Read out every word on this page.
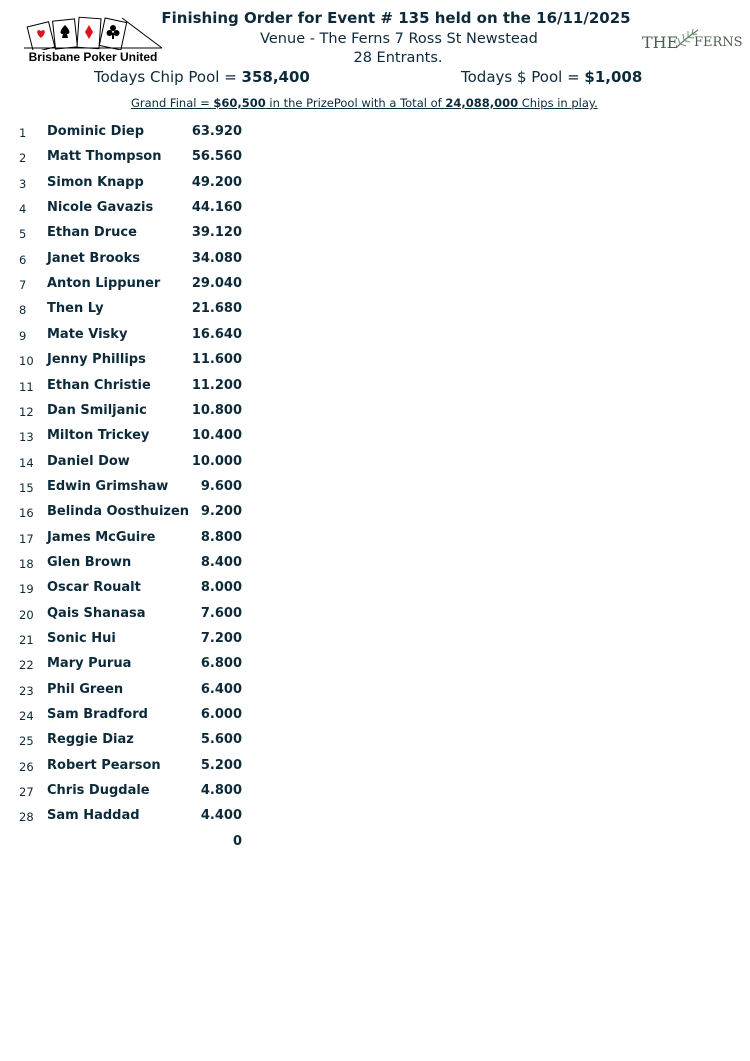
Brisbane Poker United
THE FERNS
Finishing Order for Event # 135 held on the 16/11/2025
Venue - The Ferns 7 Ross St Newstead
28 Entrants.
Todays Chip Pool = 358,400	Todays $ Pool = $1,008
Grand Final = $60,500 in the PrizePool with a Total of 24,088,000 Chips in play.
1 Dominic Diep	63.920
2 Matt Thompson 56.560
3 Simon Knapp	49.200
4 Nicole Gavazis	44.160
5 Ethan Druce	39.120
6 Janet Brooks	34.080
7 Anton Lippuner 29.040
8 Then Ly	21.680
9 Mate Visky	16.640
10 Jenny Phillips	11.600
11 Ethan Christie	11.200
12 Dan Smiljanic	10.800
13 Milton Trickey	10.400
14 Daniel Dow	10.000
15 Edwin Grimshaw	9.600
16 Belinda Oosthuizen 9.200
17 James McGuire	8.800
18 Glen Brown	8.400
19 Oscar Roualt	8.000
20 Qais Shanasa	7.600
21 Sonic Hui	7.200
22 Mary Purua	6.800
23 Phil Green	6.400
24 Sam Bradford	6.000
25 Reggie Diaz	5.600
26 Robert Pearson	5.200
27 Chris Dugdale	4.800
28 Sam Haddad	4.400
0
